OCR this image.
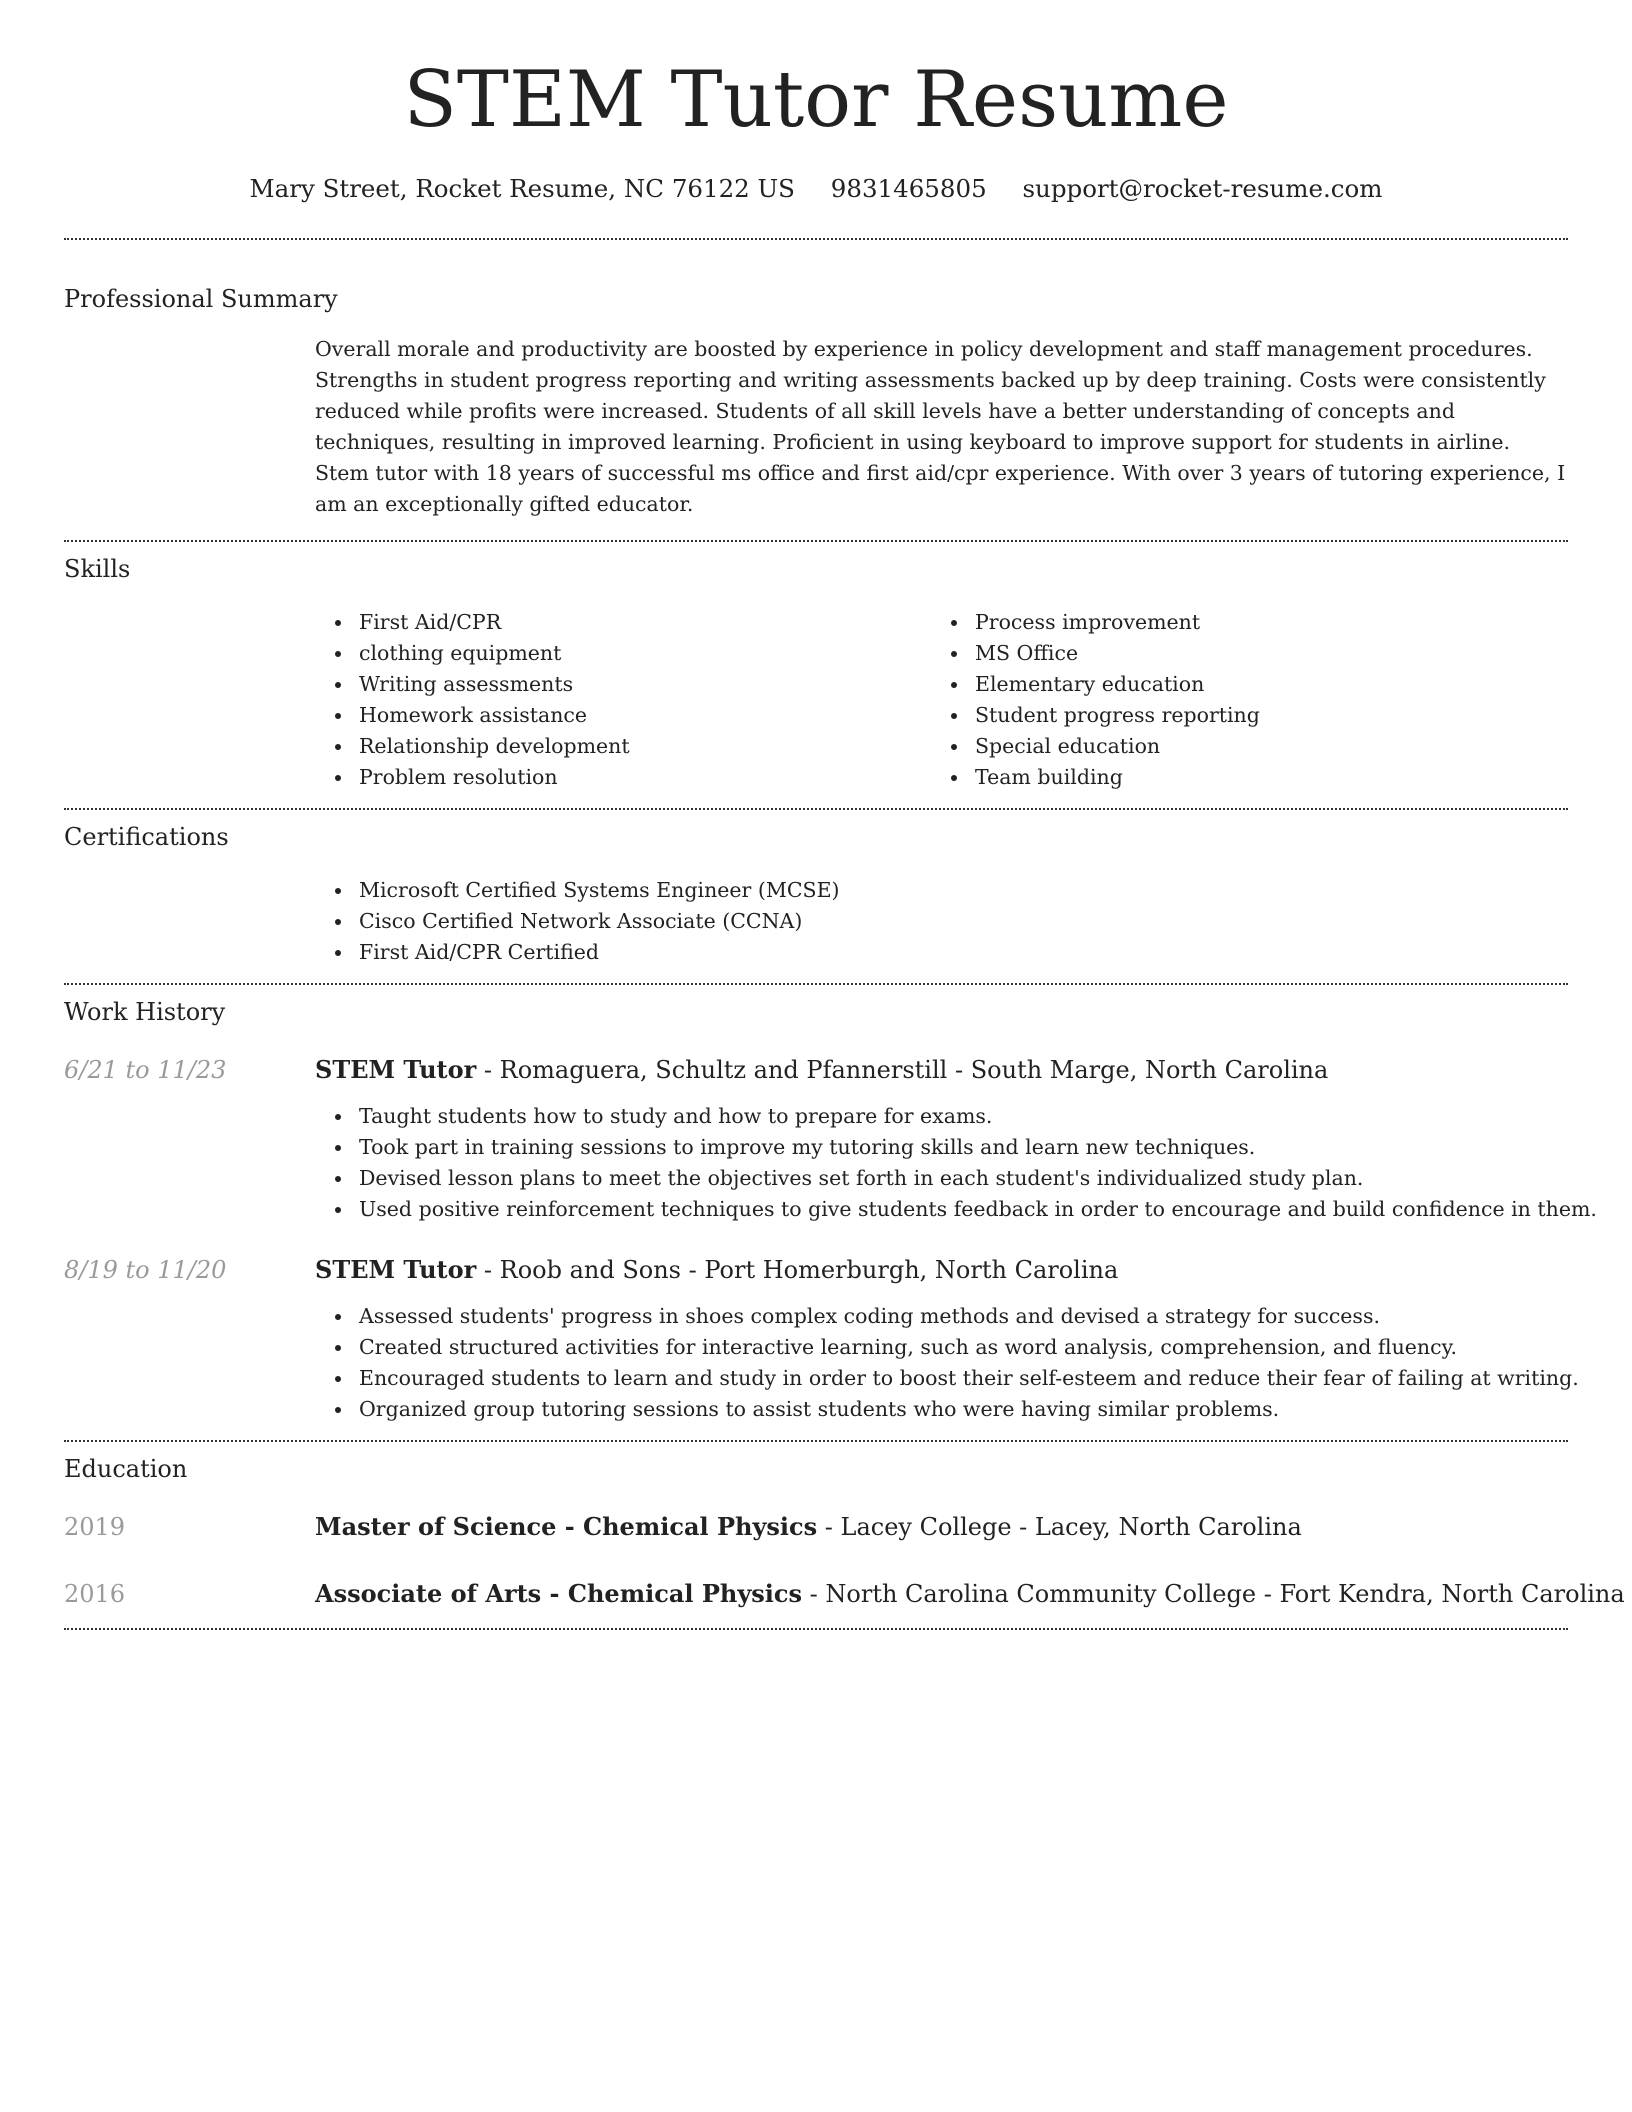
STEM Tutor Resume
Mary Street, Rocket Resume, NC 76122 US 9831465805 support@rocket-resume.com
Professional Summary

Overall morale and productivity are boosted by experience in policy development and staff management procedures. Strengths in student progress reporting and writing assessments backed up by deep training. Costs were consistently reduced while profits were increased. Students of all skill levels have a better understanding of concepts and techniques, resulting in improved learning. Proficient in using keyboard to improve support for students in airline. Stem tutor with 18 years of successful ms office and first aid/cpr experience. With over 3 years of tutoring experience, I am an exceptionally gifted educator.

Skills
First Aid/CPR
clothing equipment
Writing assessments
Homework assistance
Relationship development
Problem resolution
Process improvement
MS Office
Elementary education
Student progress reporting
Special education
Team building
Certifications
Microsoft Certified Systems Engineer (MCSE)
Cisco Certified Network Associate (CCNA)
First Aid/CPR Certified
Work History
6/21 to 11/23	STEM Tutor - Romaguera, Schultz and Pfannerstill - South Marge, North Carolina
Taught students how to study and how to prepare for exams.
Took part in training sessions to improve my tutoring skills and learn new techniques.
Devised lesson plans to meet the objectives set forth in each student's individualized study plan.
Used positive reinforcement techniques to give students feedback in order to encourage and build confidence in them.
8/19 to 11/20	STEM Tutor - Roob and Sons - Port Homerburgh, North Carolina
Assessed students' progress in shoes complex coding methods and devised a strategy for success.
Created structured activities for interactive learning, such as word analysis, comprehension, and fluency.
Encouraged students to learn and study in order to boost their self-esteem and reduce their fear of failing at writing.
Organized group tutoring sessions to assist students who were having similar problems.
Education
2019	Master of Science - Chemical Physics - Lacey College - Lacey, North Carolina
2016	Associate of Arts - Chemical Physics - North Carolina Community College - Fort Kendra, North Carolina
